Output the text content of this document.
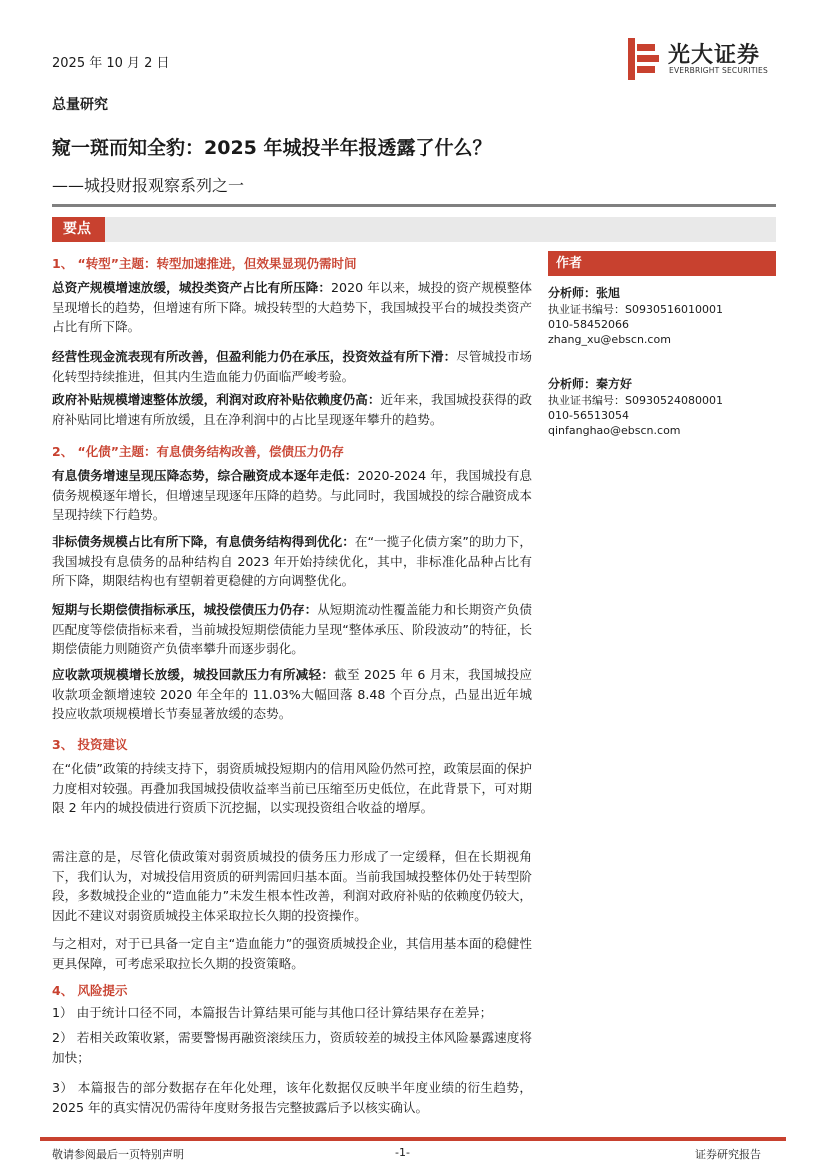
2025 年 10 月 2 日	光大证券
EVERBRIGHT SECURITIES
总量研究
窥一斑而知全豹：2025 年城投半年报透露了什么？
——城投财报观察系列之一
要点
1、 “转型”主题：转型加速推进，但效果显现仍需时间
总资产规模增速放缓，城投类资产占比有所压降：2020 年以来，城投的资产规模整体呈现增长的趋势，但增速有所下降。城投转型的大趋势下，我国城投平台的城投类资产占比有所下降。
经营性现金流表现有所改善，但盈利能力仍在承压，投资效益有所下滑：尽管城投市场化转型持续推进，但其内生造血能力仍面临严峻考验。
政府补贴规模增速整体放缓，利润对政府补贴依赖度仍高：近年来，我国城投获得的政府补贴同比增速有所放缓，且在净利润中的占比呈现逐年攀升的趋势。
2、 “化债”主题：有息债务结构改善，偿债压力仍存
有息债务增速呈现压降态势，综合融资成本逐年走低：2020-2024 年，我国城投有息债务规模逐年增长，但增速呈现逐年压降的趋势。与此同时，我国城投的综合融资成本呈现持续下行趋势。
非标债务规模占比有所下降，有息债务结构得到优化：在“一揽子化债方案”的助力下，我国城投有息债务的品种结构自 2023 年开始持续优化，其中，非标准化品种占比有所下降，期限结构也有望朝着更稳健的方向调整优化。
短期与长期偿债指标承压，城投偿债压力仍存：从短期流动性覆盖能力和长期资产负债匹配度等偿债指标来看，当前城投短期偿债能力呈现“整体承压、阶段波动”的特征，长期偿债能力则随资产负债率攀升而逐步弱化。
应收款项规模增长放缓，城投回款压力有所减轻：截至 2025 年 6 月末，我国城投应收款项金额增速较 2020 年全年的 11.03%大幅回落 8.48 个百分点，凸显出近年城投应收款项规模增长节奏显著放缓的态势。
3、 投资建议
在“化债”政策的持续支持下，弱资质城投短期内的信用风险仍然可控，政策层面的保护力度相对较强。再叠加我国城投债收益率当前已压缩至历史低位，在此背景下，可对期限 2 年内的城投债进行资质下沉挖掘，以实现投资组合收益的增厚。
需注意的是，尽管化债政策对弱资质城投的债务压力形成了一定缓释，但在长期视角下，我们认为，对城投信用资质的研判需回归基本面。当前我国城投整体仍处于转型阶段，多数城投企业的“造血能力”未发生根本性改善，利润对政府补贴的依赖度仍较大，因此不建议对弱资质城投主体采取拉长久期的投资操作。
与之相对，对于已具备一定自主“造血能力”的强资质城投企业，其信用基本面的稳健性更具保障，可考虑采取拉长久期的投资策略。
4、 风险提示
1） 由于统计口径不同，本篇报告计算结果可能与其他口径计算结果存在差异；
2） 若相关政策收紧，需要警惕再融资滚续压力，资质较差的城投主体风险暴露速度将加快；
3） 本篇报告的部分数据存在年化处理，该年化数据仅反映半年度业绩的衍生趋势，2025 年的真实情况仍需待年度财务报告完整披露后予以核实确认。
作者
分析师：张旭
执业证书编号：S0930516010001
010-58452066
zhang_xu@ebscn.com
分析师：秦方好
执业证书编号：S0930524080001
010-56513054
qinfanghao@ebscn.com
敬请参阅最后一页特别声明	-1-	证券研究报告
